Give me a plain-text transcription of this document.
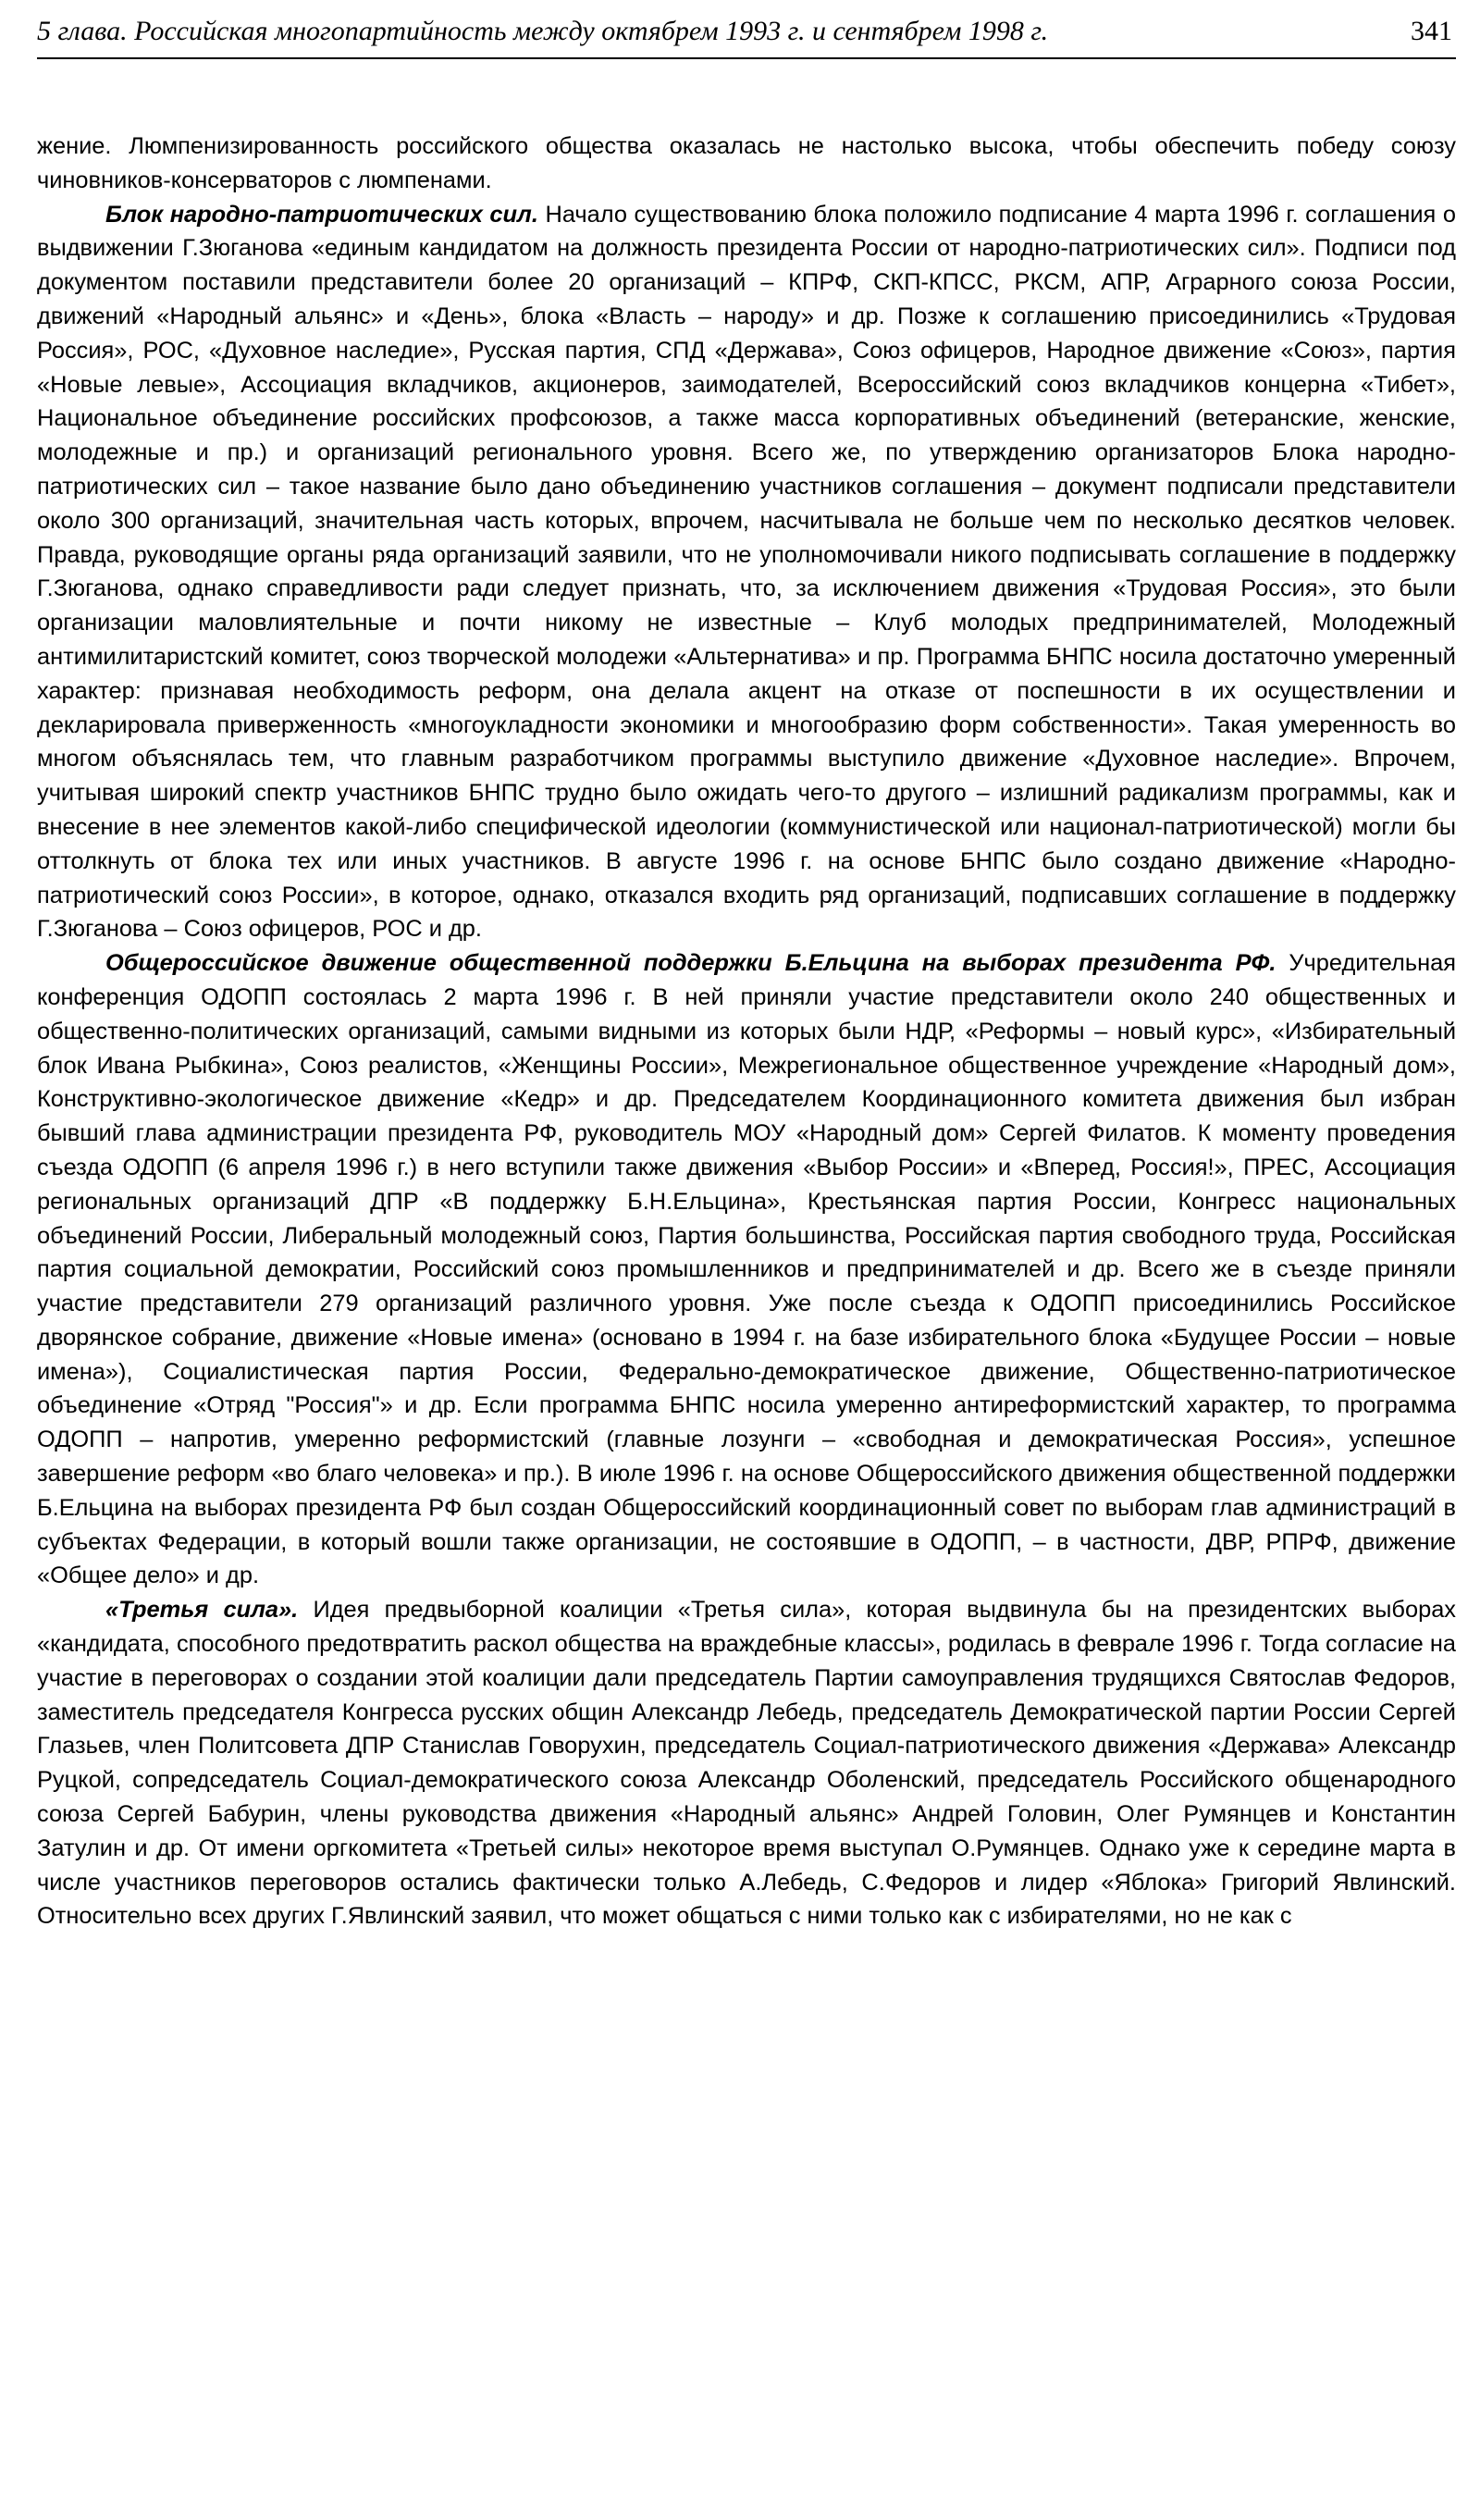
5 глава. Российская многопартийность между октябрем 1993 г. и сентябрем 1998 г.	341

жение. Люмпенизированность российского общества оказалась не настолько высока, чтобы обеспечить победу союзу чиновников-консерваторов с люмпенами.

Блок народно-патриотических сил. Начало существованию блока положило подписание 4 марта 1996 г. соглашения о выдвижении Г.Зюганова «единым кандидатом на должность президента России от народно-патриотических сил». Подписи под документом поставили представители более 20 организаций – КПРФ, СКП-КПСС, РКСМ, АПР, Аграрного союза России, движений «Народный альянс» и «День», блока «Власть – народу» и др. Позже к соглашению присоединились «Трудовая Россия», РОС, «Духовное наследие», Русская партия, СПД «Держава», Союз офицеров, Народное движение «Союз», партия «Новые левые», Ассоциация вкладчиков, акционеров, заимодателей, Всероссийский союз вкладчиков концерна «Тибет», Национальное объединение российских профсоюзов, а также масса корпоративных объединений (ветеранские, женские, молодежные и пр.) и организаций регионального уровня. Всего же, по утверждению организаторов Блока народно-патриотических сил – такое название было дано объединению участников соглашения – документ подписали представители около 300 организаций, значительная часть которых, впрочем, насчитывала не больше чем по несколько десятков человек. Правда, руководящие органы ряда организаций заявили, что не уполномочивали никого подписывать соглашение в поддержку Г.Зюганова, однако справедливости ради следует признать, что, за исключением движения «Трудовая Россия», это были организации маловлиятельные и почти никому не известные – Клуб молодых предпринимателей, Молодежный антимилитаристский комитет, союз творческой молодежи «Альтернатива» и пр. Программа БНПС носила достаточно умеренный характер: признавая необходимость реформ, она делала акцент на отказе от поспешности в их осуществлении и декларировала приверженность «многоукладности экономики и многообразию форм собственности». Такая умеренность во многом объяснялась тем, что главным разработчиком программы выступило движение «Духовное наследие». Впрочем, учитывая широкий спектр участников БНПС трудно было ожидать чего-то другого – излишний радикализм программы, как и внесение в нее элементов какой-либо специфической идеологии (коммунистической или национал-патриотической) могли бы оттолкнуть от блока тех или иных участников. В августе 1996 г. на основе БНПС было создано движение «Народно-патриотический союз России», в которое, однако, отказался входить ряд организаций, подписавших соглашение в поддержку Г.Зюганова – Союз офицеров, РОС и др.

Общероссийское движение общественной поддержки Б.Ельцина на выборах президента РФ. Учредительная конференция ОДОПП состоялась 2 марта 1996 г. В ней приняли участие представители около 240 общественных и общественно-политических организаций, самыми видными из которых были НДР, «Реформы – новый курс», «Избирательный блок Ивана Рыбкина», Союз реалистов, «Женщины России», Межрегиональное общественное учреждение «Народный дом», Конструктивно-экологическое движение «Кедр» и др. Председателем Координационного комитета движения был избран бывший глава администрации президента РФ, руководитель МОУ «Народный дом» Сергей Филатов. К моменту проведения съезда ОДОПП (6 апреля 1996 г.) в него вступили также движения «Выбор России» и «Вперед, Россия!», ПРЕС, Ассоциация региональных организаций ДПР «В поддержку Б.Н.Ельцина», Крестьянская партия России, Конгресс национальных объединений России, Либеральный молодежный союз, Партия большинства, Российская партия свободного труда, Российская партия социальной демократии, Российский союз промышленников и предпринимателей и др. Всего же в съезде приняли участие представители 279 организаций различного уровня. Уже после съезда к ОДОПП присоединились Российское дворянское собрание, движение «Новые имена» (основано в 1994 г. на базе избирательного блока «Будущее России – новые имена»), Социалистическая партия России, Федерально-демократическое движение, Общественно-патриотическое объединение «Отряд "Россия"» и др. Если программа БНПС носила умеренно антиреформистский характер, то программа ОДОПП – напротив, умеренно реформистский (главные лозунги – «свободная и демократическая Россия», успешное завершение реформ «во благо человека» и пр.). В июле 1996 г. на основе Общероссийского движения общественной поддержки Б.Ельцина на выборах президента РФ был создан Общероссийский координационный совет по выборам глав администраций в субъектах Федерации, в который вошли также организации, не состоявшие в ОДОПП, – в частности, ДВР, РПРФ, движение «Общее дело» и др.

«Третья сила». Идея предвыборной коалиции «Третья сила», которая выдвинула бы на президентских выборах «кандидата, способного предотвратить раскол общества на враждебные классы», родилась в феврале 1996 г. Тогда согласие на участие в переговорах о создании этой коалиции дали председатель Партии самоуправления трудящихся Святослав Федоров, заместитель председателя Конгресса русских общин Александр Лебедь, председатель Демократической партии России Сергей Глазьев, член Политсовета ДПР Станислав Говорухин, председатель Социал-патриотического движения «Держава» Александр Руцкой, сопредседатель Социал-демократического союза Александр Оболенский, председатель Российского общенародного союза Сергей Бабурин, члены руководства движения «Народный альянс» Андрей Головин, Олег Румянцев и Константин Затулин и др. От имени оргкомитета «Третьей силы» некоторое время выступал О.Румянцев. Однако уже к середине марта в числе участников переговоров остались фактически только А.Лебедь, С.Федоров и лидер «Яблока» Григорий Явлинский. Относительно всех других Г.Явлинский заявил, что может общаться с ними только как с избирателями, но не как с
